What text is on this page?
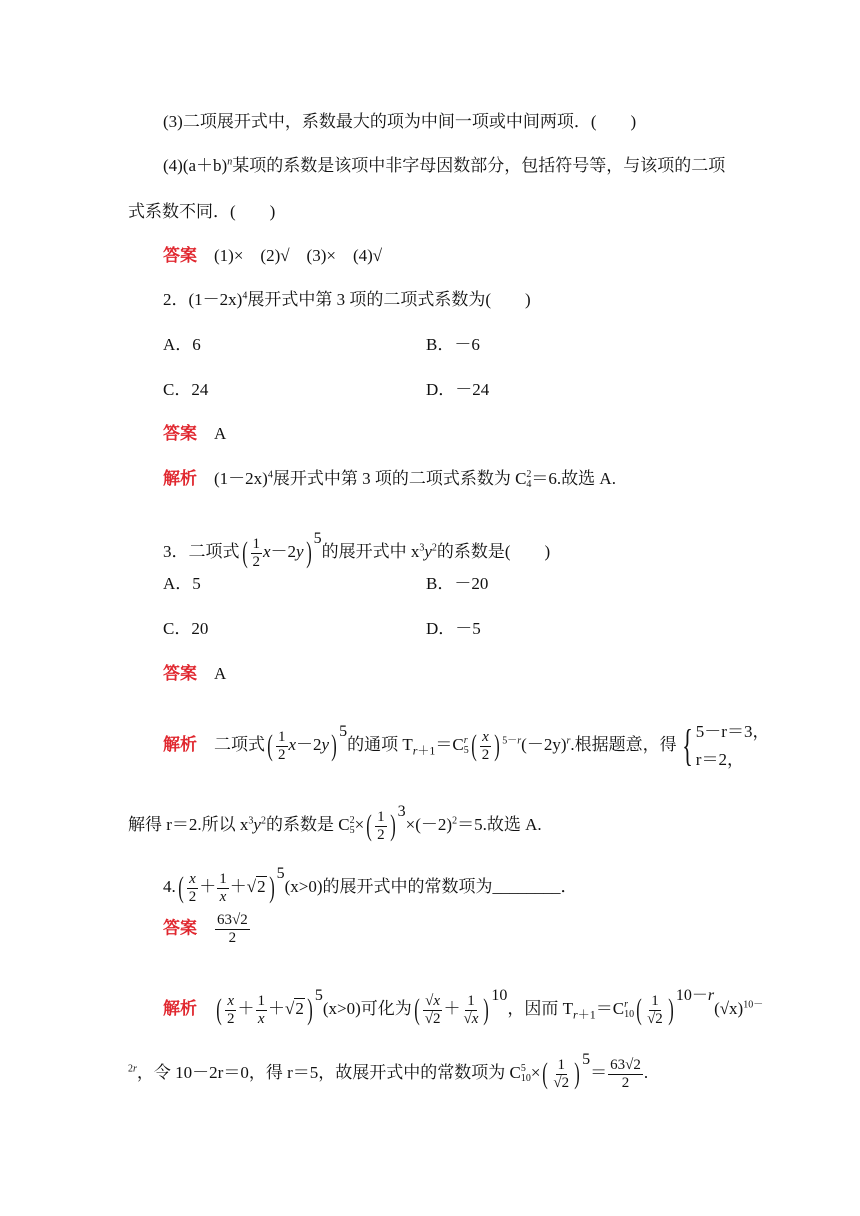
(3)二项展开式中，系数最大的项为中间一项或中间两项．(　　)
$(4)(a+b)^n$某项的系数是该项中非字母因数部分，包括符号等，与该项的二项
式系数不同．(　　)
答案 (1)×　(2)√　(3)×　(4)√
2．$(1-2x)^4$展开式中第 3 项的二项式系数为(　　)
A．6	B．－6
C．24	D．－24
答案 A
解析 $(1-2x)^4$展开式中第 3 项的二项式系数为 C 2
4 ＝6.故选 A.
3．二项式( $\frac{1}{2} x-2y$) 5的展开式中 $x^3y^2$的系数是(　　)
A．5	B．－20
C．20	D．－5
答案 A
解析 二项式( $\frac{1}{2} x-2y$) 5的通项 $T_{r+1}=C$ r
5 ( $\frac{x}{2}$ ) $^{5-r}(-2y)^r$.根据题意，得 { 5－r＝3，
r＝2，
解得 r＝2.所以 $x^3y^2$的系数是 C 2
5 ×( $\frac{1}{2}$ ) $3\times(-2)^2=5$.故选 A.
$4.( \frac{x}{2} + \frac{1}{x} +√2$ ) 5(x>0)的展开式中的常数项为________．
答案 $\frac{63√2}{2}$
解析 ( $\frac{x}{2} + \frac{1}{x} +√2$ ) 5(x>0)可化为( $\frac{√x}{√2} + \frac{1}{√x}$ ) 10，因而 $T_{r+1}=C$ r
10 ( $\frac{1}{√2}$ ) $10-r(√x)^{10-}$
$^{2r}$，令 10－2r＝0，得 r＝5，故展开式中的常数项为 C 5
10 ×( $\frac{1}{√2}$ ) $5= \frac{63√2}{2}$ .
